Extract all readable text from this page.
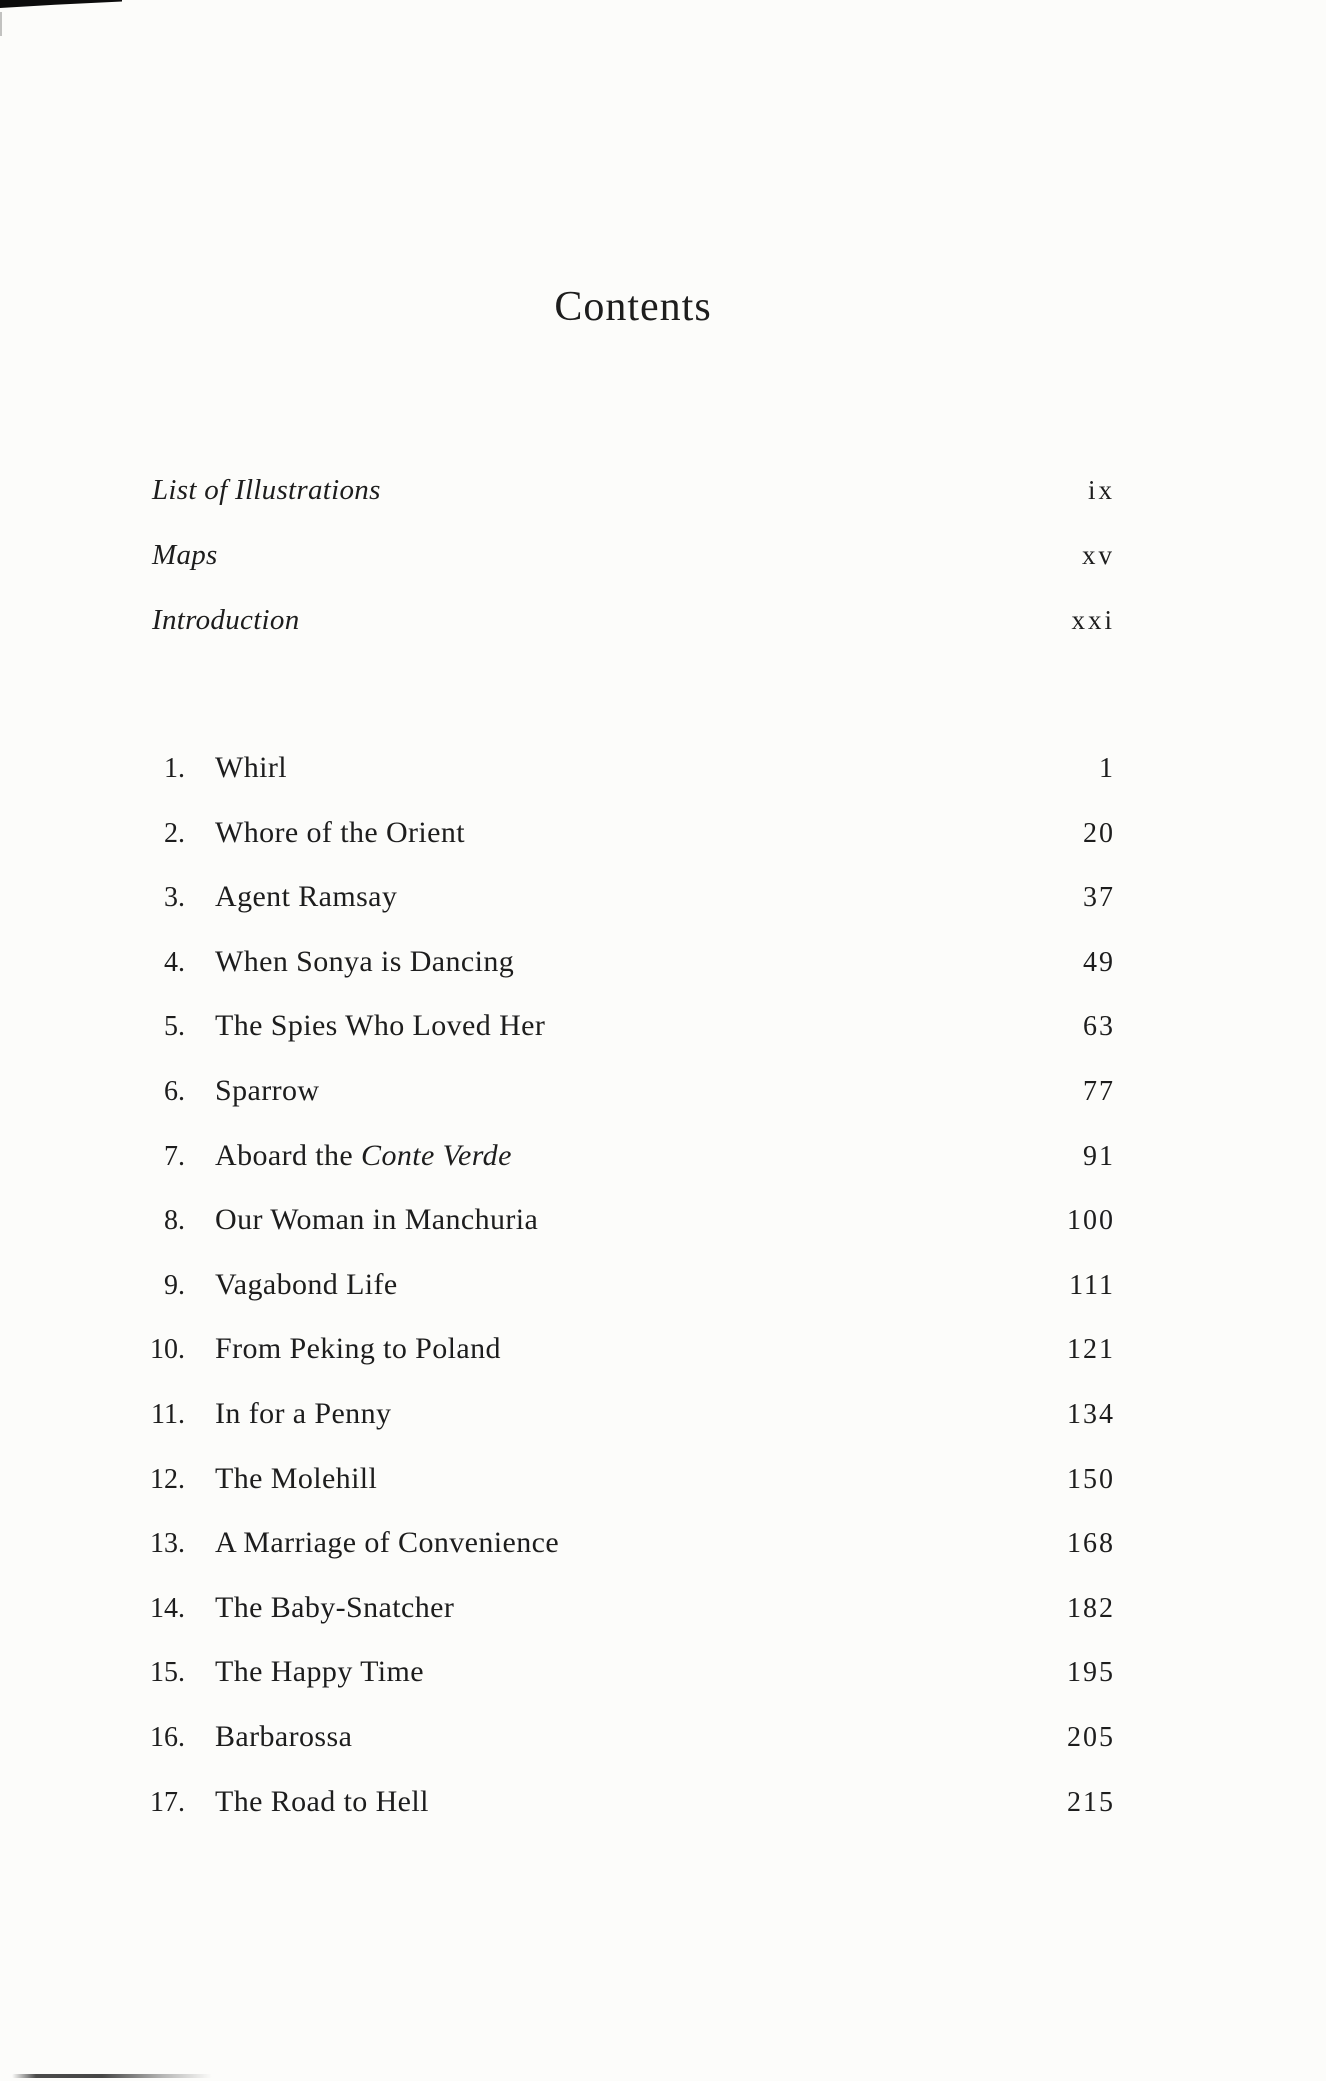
Contents
List of Illustrations	ix
Maps	xv
Introduction	xxi
1. Whirl	1
2. Whore of the Orient	20
3. Agent Ramsay	37
4. When Sonya is Dancing	49
5. The Spies Who Loved Her	63
6. Sparrow	77
7. Aboard the Conte Verde	91
8. Our Woman in Manchuria	100
9. Vagabond Life	111
10. From Peking to Poland	121
11. In for a Penny	134
12. The Molehill	150
13. A Marriage of Convenience	168
14. The Baby-Snatcher	182
15. The Happy Time	195
16. Barbarossa	205
17. The Road to Hell	215
